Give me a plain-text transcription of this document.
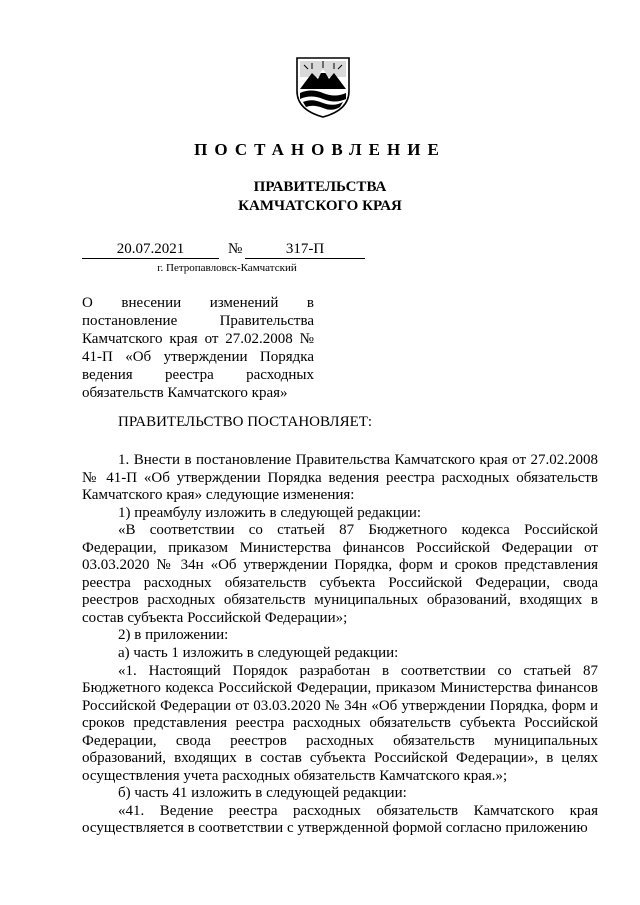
ПОСТАНОВЛЕНИЕ
ПРАВИТЕЛЬСТВА
КАМЧАТСКОГО КРАЯ
20.07.2021	№	317-П
г. Петропавловск-Камчатский
О внесении изменений в постановление Правительства Камчатского края от 27.02.2008 № 41-П «Об утверждении Порядка ведения реестра расходных обязательств Камчатского края»
ПРАВИТЕЛЬСТВО ПОСТАНОВЛЯЕТ:

1. Внести в постановление Правительства Камчатского края от 27.02.2008 № 41-П «Об утверждении Порядка ведения реестра расходных обязательств Камчатского края» следующие изменения:

1) преамбулу изложить в следующей редакции:

«В соответствии со статьей 87 Бюджетного кодекса Российской Федерации, приказом Министерства финансов Российской Федерации от 03.03.2020 № 34н «Об утверждении Порядка, форм и сроков представления реестра расходных обязательств субъекта Российской Федерации, свода реестров расходных обязательств муниципальных образований, входящих в состав субъекта Российской Федерации»;

2) в приложении:

а) часть 1 изложить в следующей редакции:

«1. Настоящий Порядок разработан в соответствии со статьей 87 Бюджетного кодекса Российской Федерации, приказом Министерства финансов Российской Федерации от 03.03.2020 № 34н «Об утверждении Порядка, форм и сроков представления реестра расходных обязательств субъекта Российской Федерации, свода реестров расходных обязательств муниципальных образований, входящих в состав субъекта Российской Федерации», в целях осуществления учета расходных обязательств Камчатского края.»;

б) часть 41 изложить в следующей редакции:

«41. Ведение реестра расходных обязательств Камчатского края осуществляется в соответствии с утвержденной формой согласно приложению
